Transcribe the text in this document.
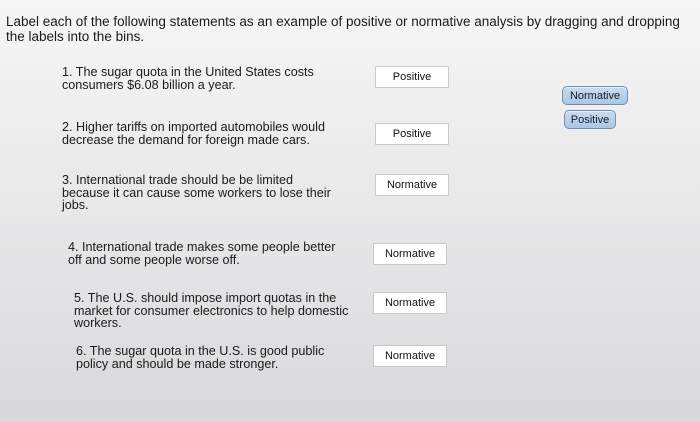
Label each of the following statements as an example of positive or normative analysis by dragging and dropping the labels into the bins.
1. The sugar quota in the United States costs consumers $6.08 billion a year.
Positive
2. Higher tariffs on imported automobiles would decrease the demand for foreign made cars.	Positive
3. International trade should be be limited because it can cause some workers to lose their jobs.
Normative
4. International trade makes some people better off and some people worse off.	Normative
5. The U.S. should impose import quotas in the market for consumer electronics to help domestic workers.
Normative
6. The sugar quota in the U.S. is good public policy and should be made stronger.
Normative
Normative
Positive
